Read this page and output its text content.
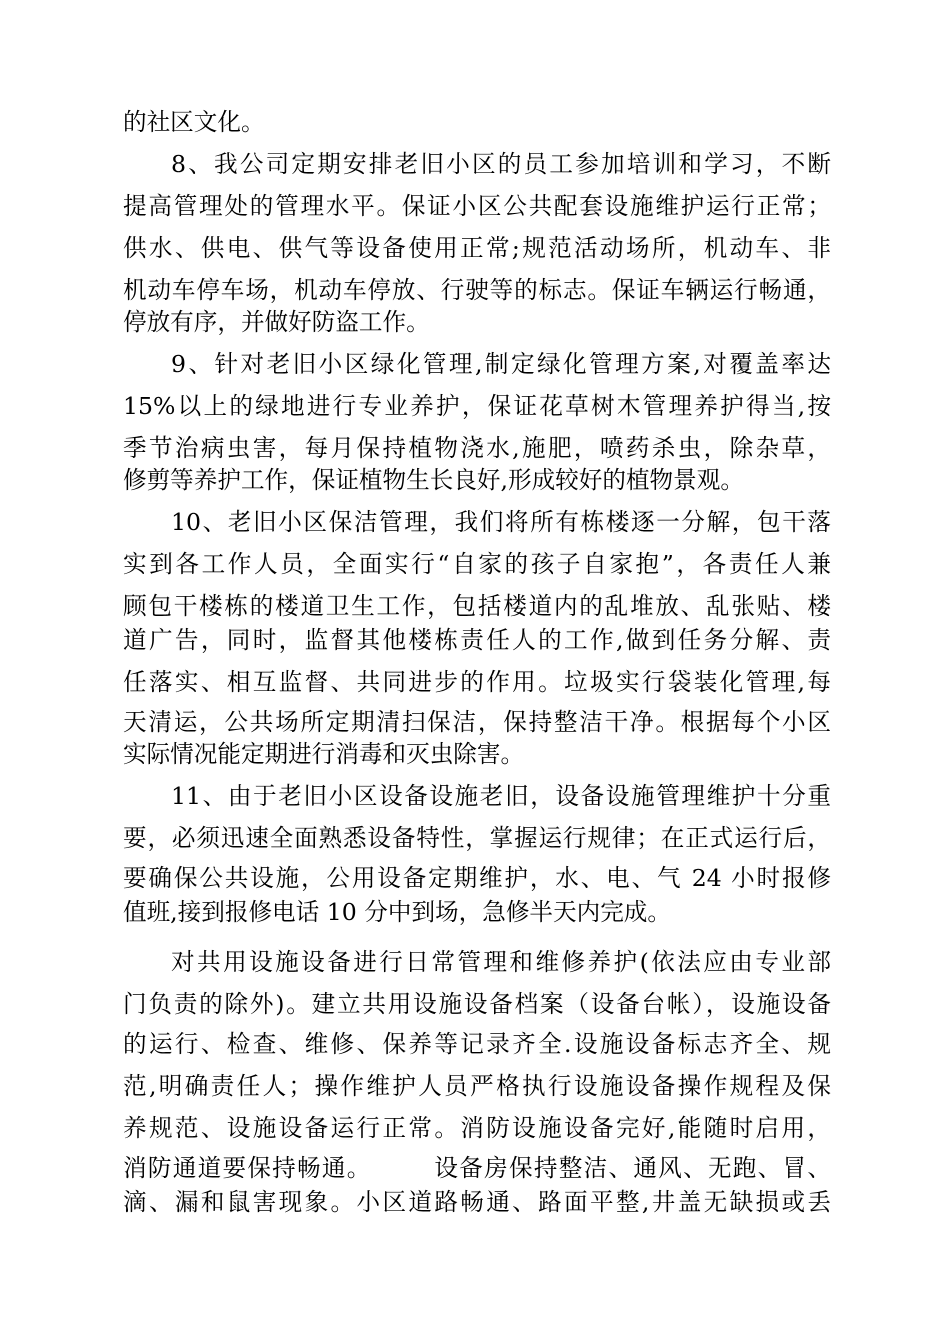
的社区文化。
8、我公司定期安排老旧小区的员工参加培训和学习，不断
提高管理处的管理水平。保证小区公共配套设施维护运行正常；
供水、供电、供气等设备使用正常;规范活动场所，机动车、非
机动车停车场，机动车停放、行驶等的标志。保证车辆运行畅通，
停放有序，并做好防盗工作。
9、针对老旧小区绿化管理,制定绿化管理方案,对覆盖率达
15%以上的绿地进行专业养护，保证花草树木管理养护得当,按
季节治病虫害，每月保持植物浇水,施肥，喷药杀虫，除杂草，
修剪等养护工作，保证植物生长良好,形成较好的植物景观。
10、老旧小区保洁管理，我们将所有栋楼逐一分解，包干落
实到各工作人员，全面实行“自家的孩子自家抱”，各责任人兼
顾包干楼栋的楼道卫生工作，包括楼道内的乱堆放、乱张贴、楼
道广告，同时，监督其他楼栋责任人的工作,做到任务分解、责
任落实、相互监督、共同进步的作用。垃圾实行袋装化管理,每
天清运，公共场所定期清扫保洁，保持整洁干净。根据每个小区
实际情况能定期进行消毒和灭虫除害。
11、由于老旧小区设备设施老旧，设备设施管理维护十分重
要，必须迅速全面熟悉设备特性，掌握运行规律；在正式运行后，
要确保公共设施，公用设备定期维护，水、电、气 24 小时报修
值班,接到报修电话 10 分中到场，急修半天内完成。
对共用设施设备进行日常管理和维修养护(依法应由专业部
门负责的除外)。建立共用设施设备档案（设备台帐），设施设备
的运行、检查、维修、保养等记录齐全.设施设备标志齐全、规
范,明确责任人；操作维护人员严格执行设施设备操作规程及保
养规范、设施设备运行正常。消防设施设备完好,能随时启用，
消防通道要保持畅通。　　　设备房保持整洁、通风、无跑、冒、
滴、漏和鼠害现象。小区道路畅通、路面平整,井盖无缺损或丢
